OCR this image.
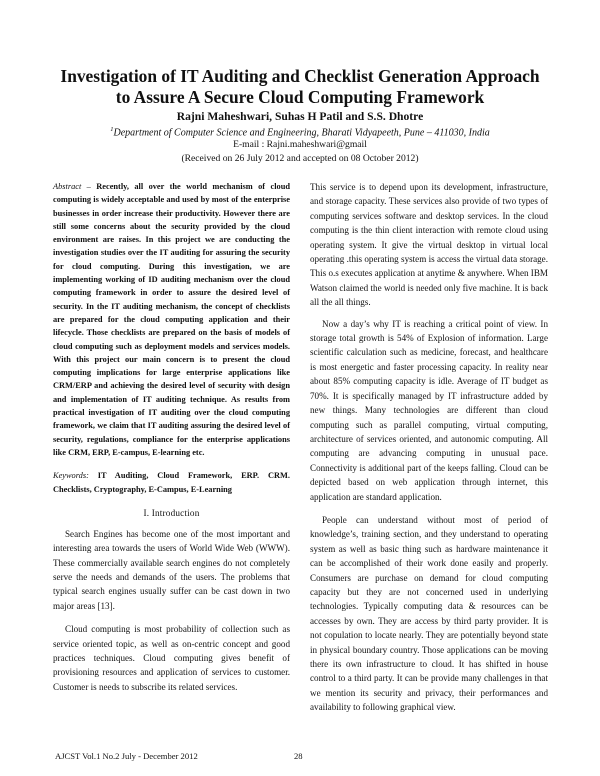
Investigation of IT Auditing and Checklist Generation Approach
to Assure A Secure Cloud Computing Framework
Rajni Maheshwari, Suhas H Patil and S.S. Dhotre
$^1$Department of Computer Science and Engineering, Bharati Vidyapeeth, Pune – 411030, India
E-mail : Rajni.maheshwari@gmail
(Received on 26 July 2012 and accepted on 08 October 2012)

Abstract – Recently, all over the world mechanism of cloud computing is widely acceptable and used by most of the enterprise businesses in order increase their productivity. However there are still some concerns about the security provided by the cloud environment are raises. In this project we are conducting the investigation studies over the IT auditing for assuring the security for cloud computing. During this investigation, we are implementing working of ID auditing mechanism over the cloud computing framework in order to assure the desired level of security. In the IT auditing mechanism, the concept of checklists are prepared for the cloud computing application and their lifecycle. Those checklists are prepared on the basis of models of cloud computing such as deployment models and services models. With this project our main concern is to present the cloud computing implications for large enterprise applications like CRM/ERP and achieving the desired level of security with design and implementation of IT auditing technique. As results from practical investigation of IT auditing over the cloud computing framework, we claim that IT auditing assuring the desired level of security, regulations, compliance for the enterprise applications like CRM, ERP, E-campus, E-learning etc.

Keywords: IT Auditing, Cloud Framework, ERP. CRM. Checklists, Cryptography, E-Campus, E-Learning

I. Introduction

Search Engines has become one of the most important and interesting area towards the users of World Wide Web (WWW). These commercially available search engines do not completely serve the needs and demands of the users. The problems that typical search engines usually suffer can be cast down in two major areas [13].

Cloud computing is most probability of collection such as service oriented topic, as well as on-centric concept and good practices techniques. Cloud computing gives benefit of provisioning resources and application of services to customer. Customer is needs to subscribe its related services.

This service is to depend upon its development, infrastructure, and storage capacity. These services also provide of two types of computing services software and desktop services. In the cloud computing is the thin client interaction with remote cloud using operating system. It give the virtual desktop in virtual local operating .this operating system is access the virtual data storage. This o.s executes application at anytime & anywhere. When IBM Watson claimed the world is needed only five machine. It is back all the all things.

Now a day’s why IT is reaching a critical point of view. In storage total growth is 54% of Explosion of information. Large scientific calculation such as medicine, forecast, and healthcare is most energetic and faster processing capacity. In reality near about 85% computing capacity is idle. Average of IT budget as 70%. It is specifically managed by IT infrastructure added by new things. Many technologies are different than cloud computing such as parallel computing, virtual computing, architecture of services oriented, and autonomic computing. All computing are advancing computing in unusual pace. Connectivity is additional part of the keeps falling. Cloud can be depicted based on web application through internet, this application are standard application.

People can understand without most of period of knowledge’s, training section, and they understand to operating system as well as basic thing such as hardware maintenance it can be accomplished of their work done easily and properly. Consumers are purchase on demand for cloud computing capacity but they are not concerned used in underlying technologies. Typically computing data & resources can be accesses by own. They are access by third party provider. It is not copulation to locate nearly. They are potentially beyond state in physical boundary country. Those applications can be moving there its own infrastructure to cloud. It has shifted in house control to a third party. It can be provide many challenges in that we mention its security and privacy, their performances and availability to following graphical view.

AJCST Vol.1 No.2 July - December 2012	28
